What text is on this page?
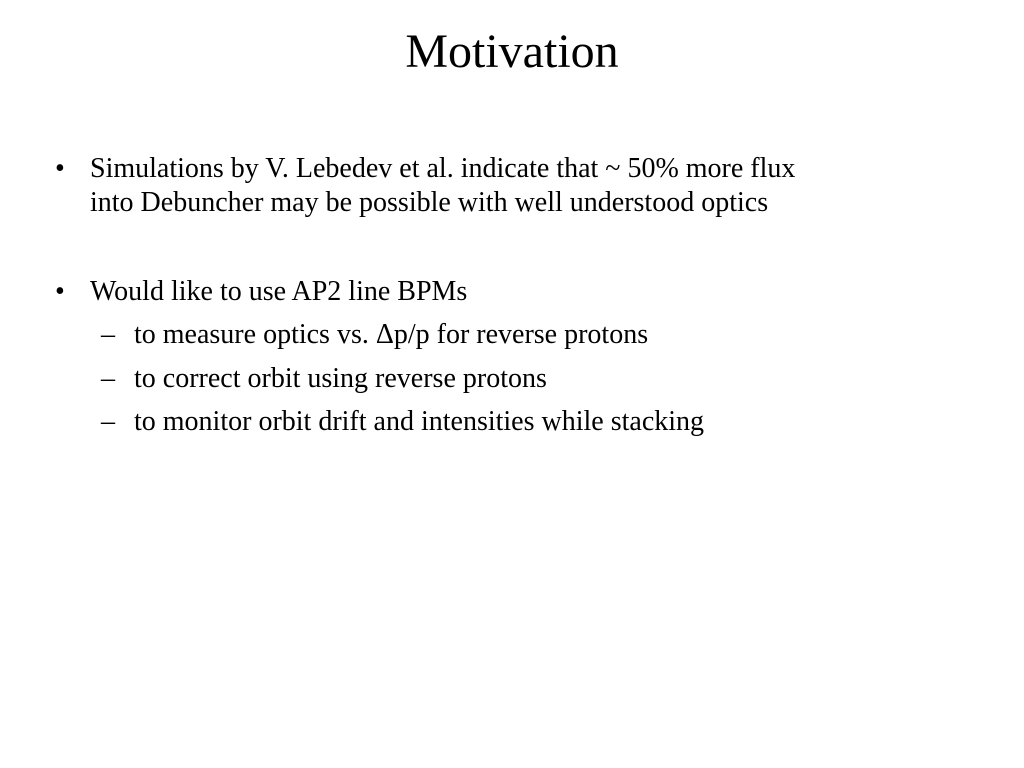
Motivation
• Simulations by V. Lebedev et al. indicate that ~ 50% more flux
into Debuncher may be possible with well understood optics
• Would like to use AP2 line BPMs
– to measure optics vs. Δp/p for reverse protons
– to correct orbit using reverse protons
– to monitor orbit drift and intensities while stacking
